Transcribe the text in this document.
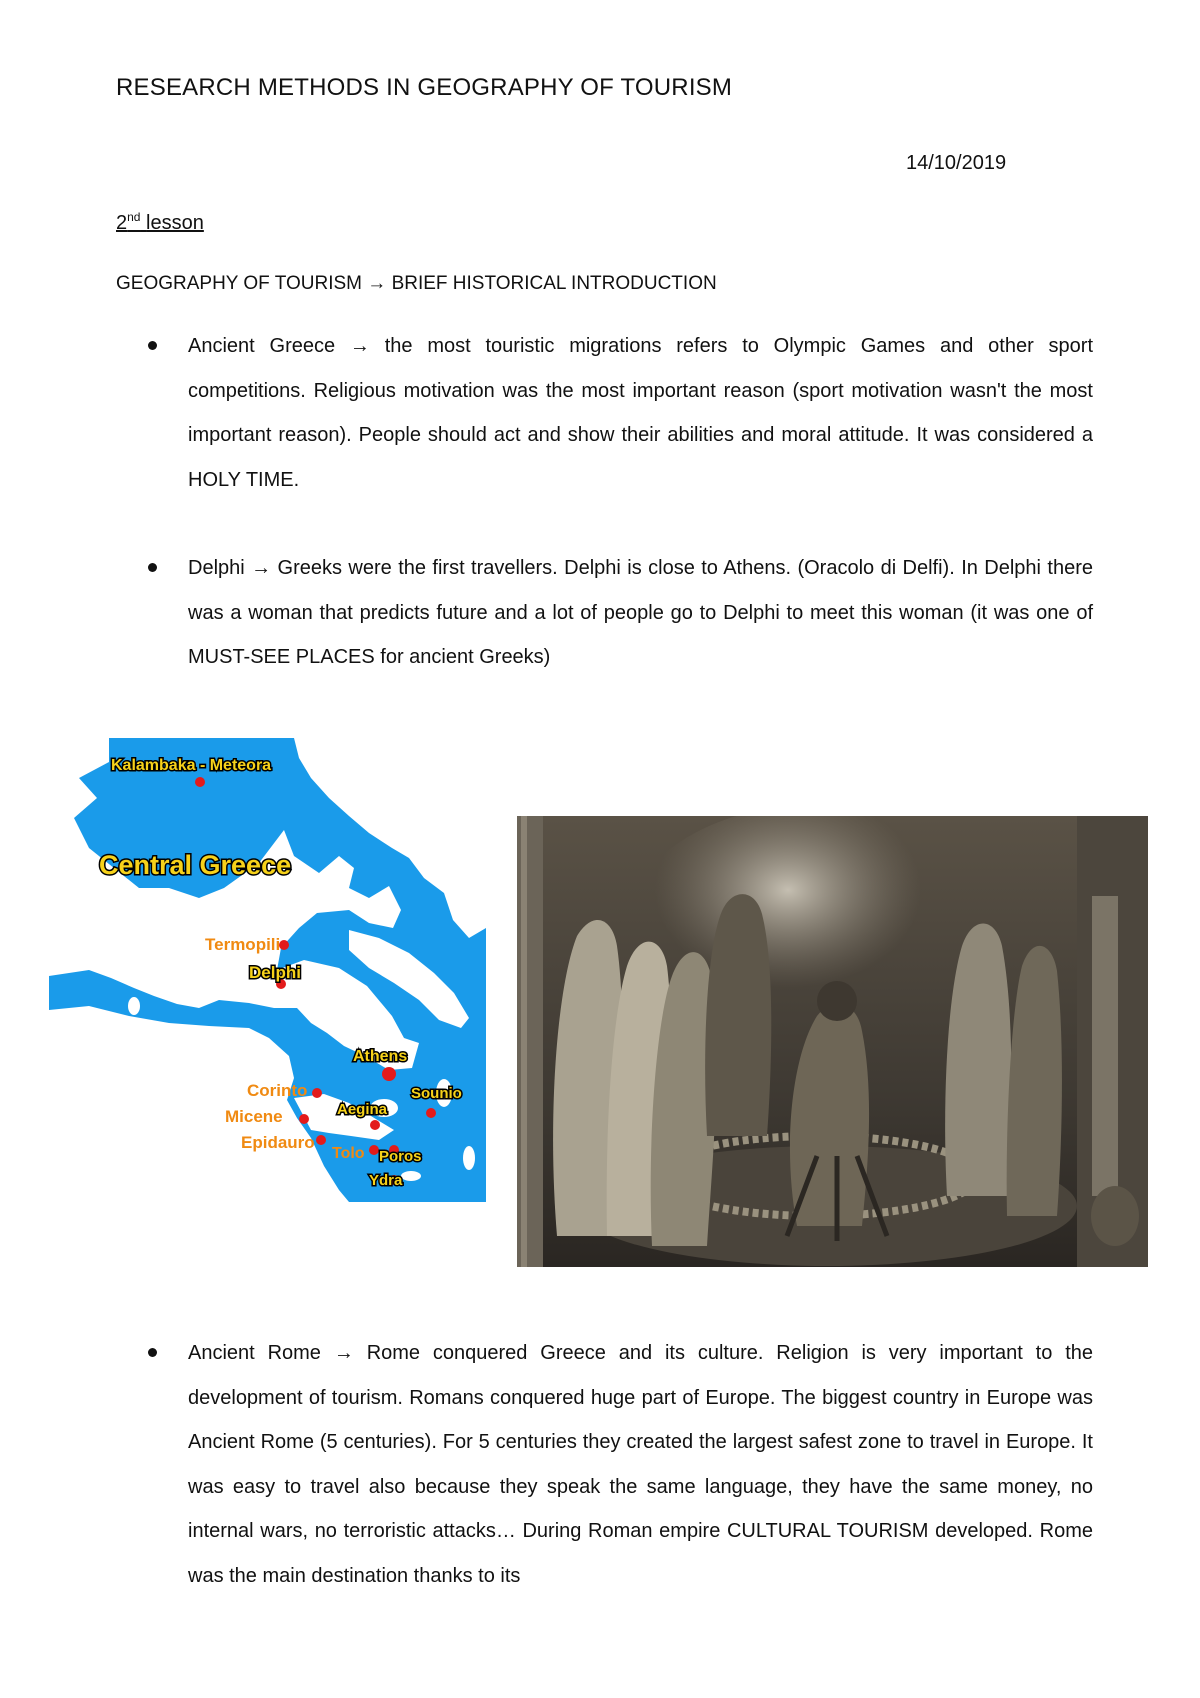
RESEARCH METHODS IN GEOGRAPHY OF TOURISM
14/10/2019
2nd lesson
GEOGRAPHY OF TOURISM → BRIEF HISTORICAL INTRODUCTION
Ancient Greece → the most touristic migrations refers to Olympic Games and other sport competitions. Religious motivation was the most important reason (sport motivation wasn't the most important reason). People should act and show their abilities and moral attitude. It was considered a HOLY TIME.
Delphi → Greeks were the first travellers. Delphi is close to Athens. (Oracolo di Delfi). In Delphi there was a woman that predicts future and a lot of people go to Delphi to meet this woman (it was one of MUST-SEE PLACES for ancient Greeks)
Kalambaka - Meteora
Central Greece
Termopili
Delphi
Athens
Corinto
Micene
Epidauro
Aegina
Sounio
Tolo Poros
Ydra
Ancient Rome → Rome conquered Greece and its culture. Religion is very important to the development of tourism. Romans conquered huge part of Europe. The biggest country in Europe was Ancient Rome (5 centuries). For 5 centuries they created the largest safest zone to travel in Europe. It was easy to travel also because they speak the same language, they have the same money, no internal wars, no terroristic attacks… During Roman empire CULTURAL TOURISM developed. Rome was the main destination thanks to its
